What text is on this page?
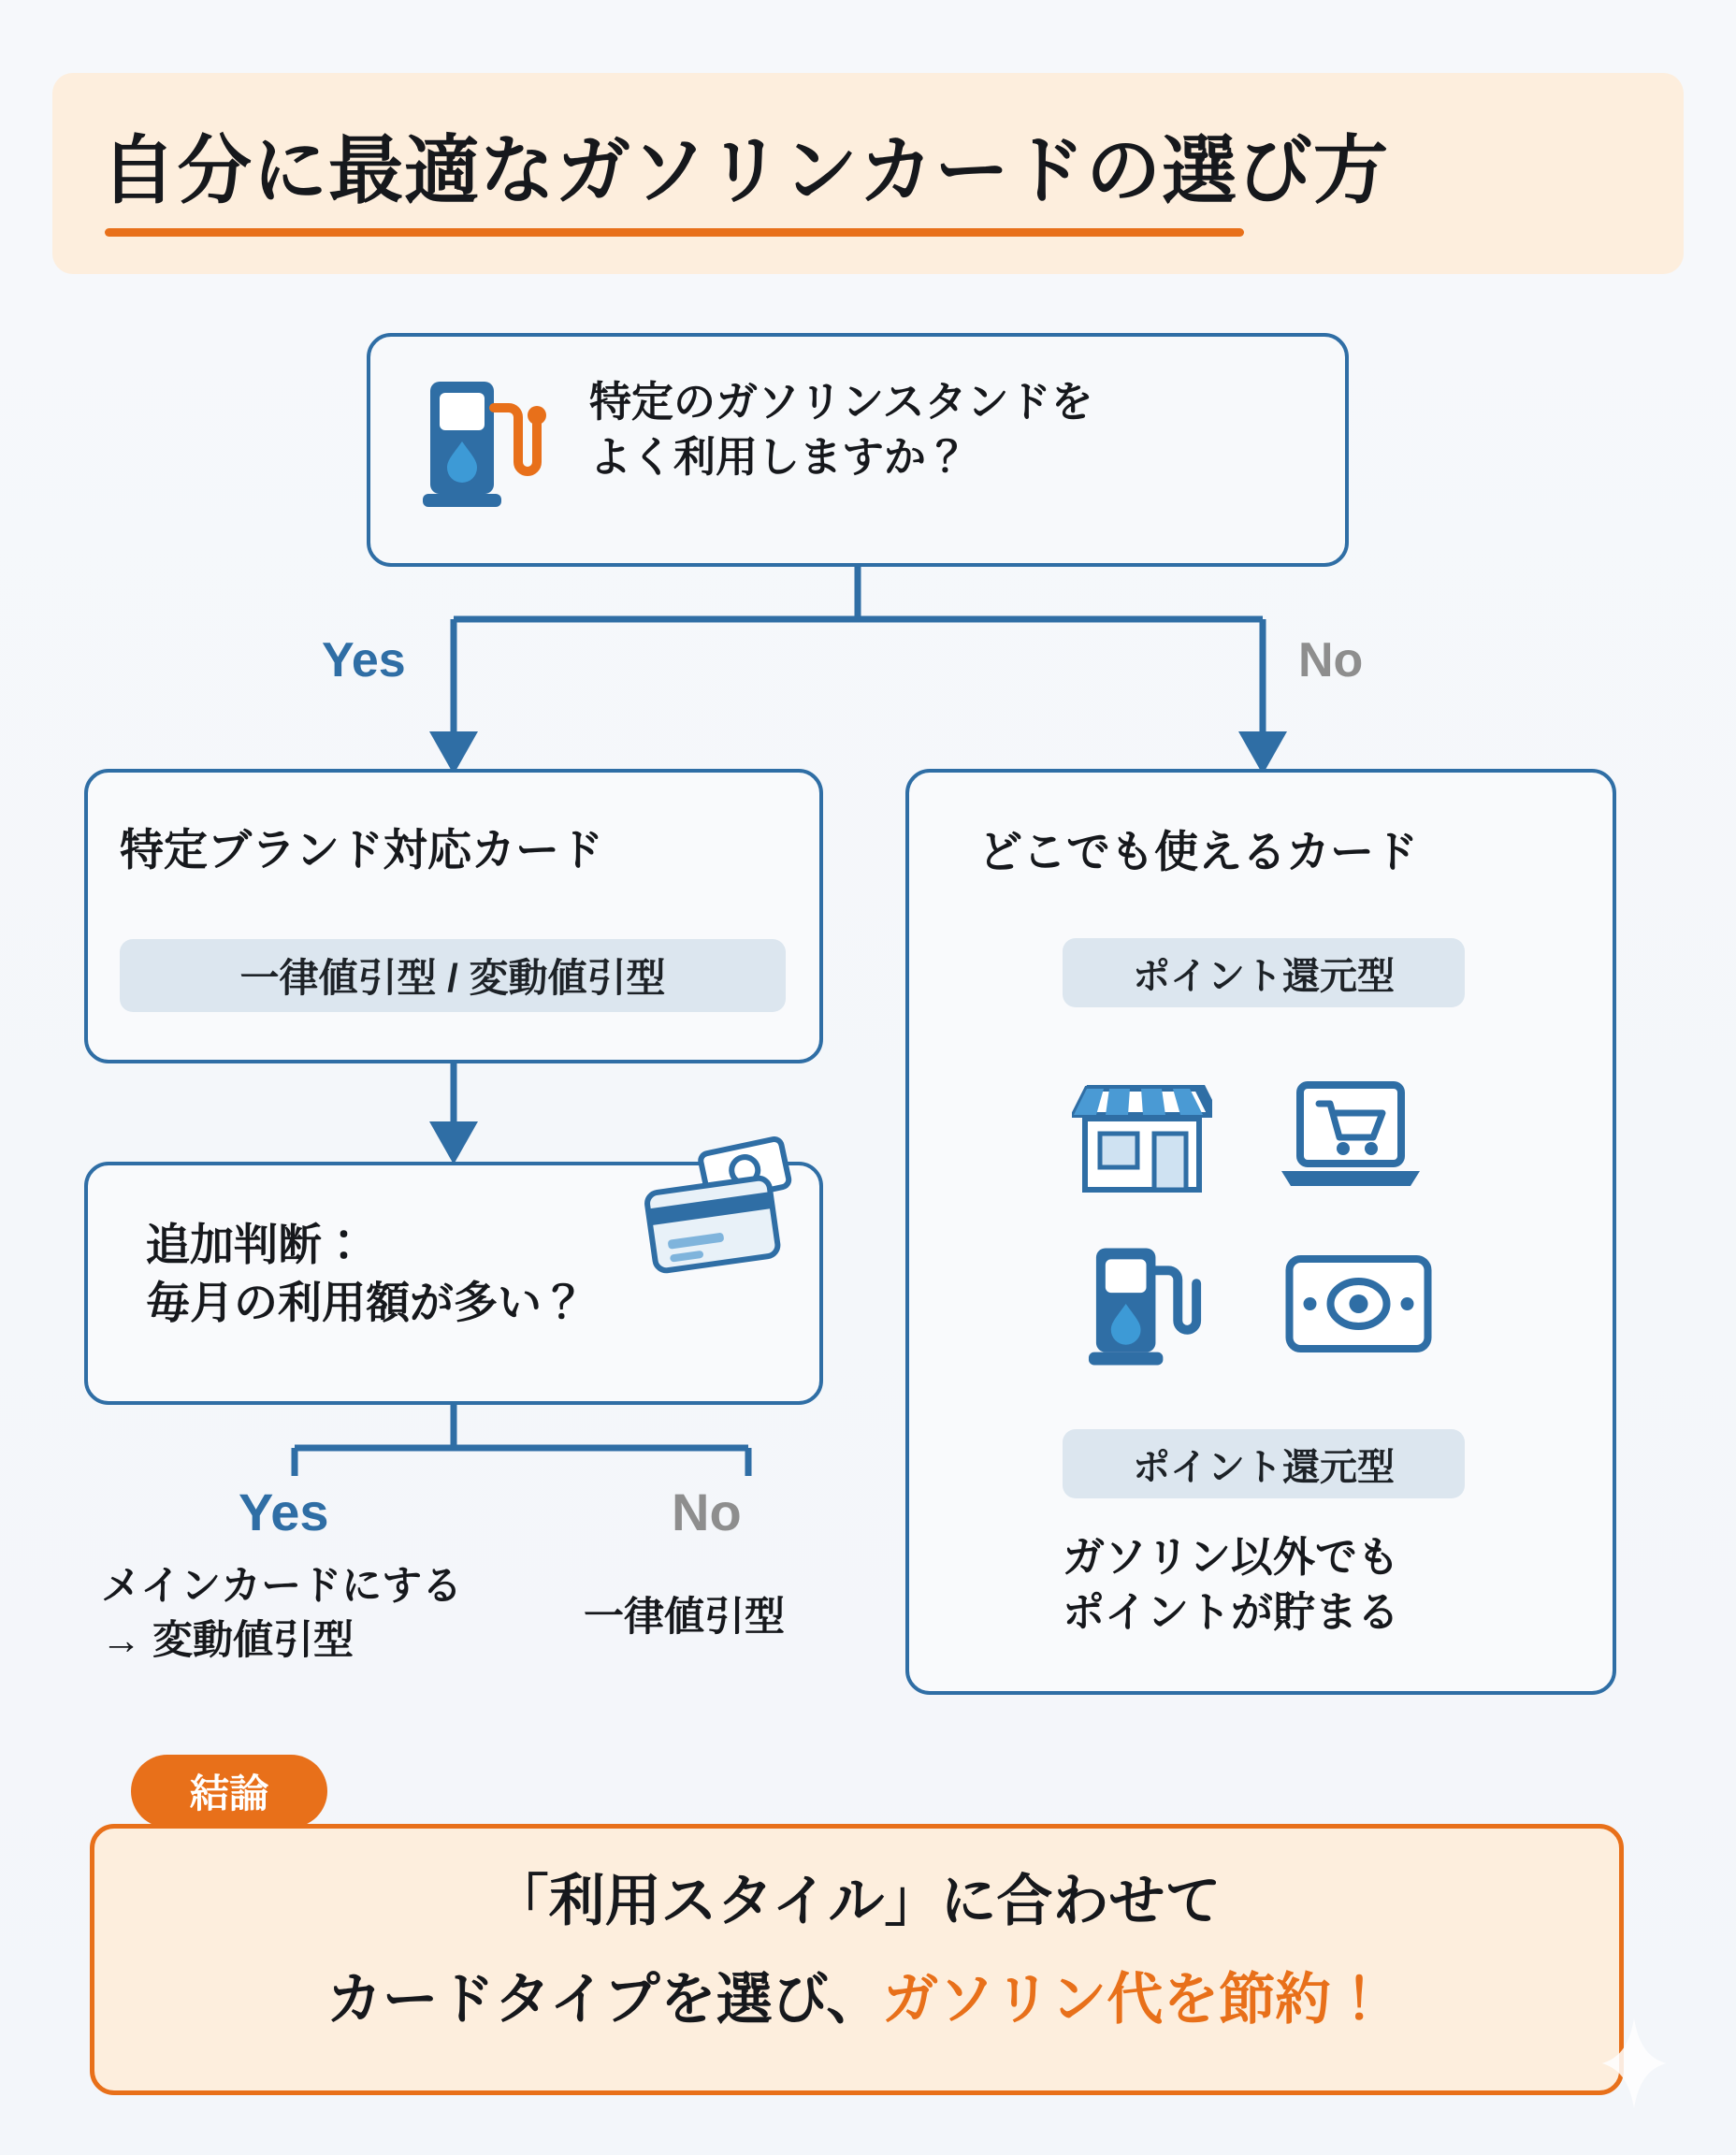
自分に最適なガソリンカードの選び方
特定のガソリンスタンドを
よく利用しますか？
Yes	No
特定ブランド対応カード
一律値引型 / 変動値引型
追加判断：
毎月の利用額が多い？
Yes	No
メインカードにする
→ 変動値引型
一律値引型
どこでも使えるカード
ポイント還元型
ポイント還元型
ガソリン以外でも
ポイントが貯まる
結論
「利用スタイル」に合わせて
カードタイプを選び、ガソリン代を節約！
